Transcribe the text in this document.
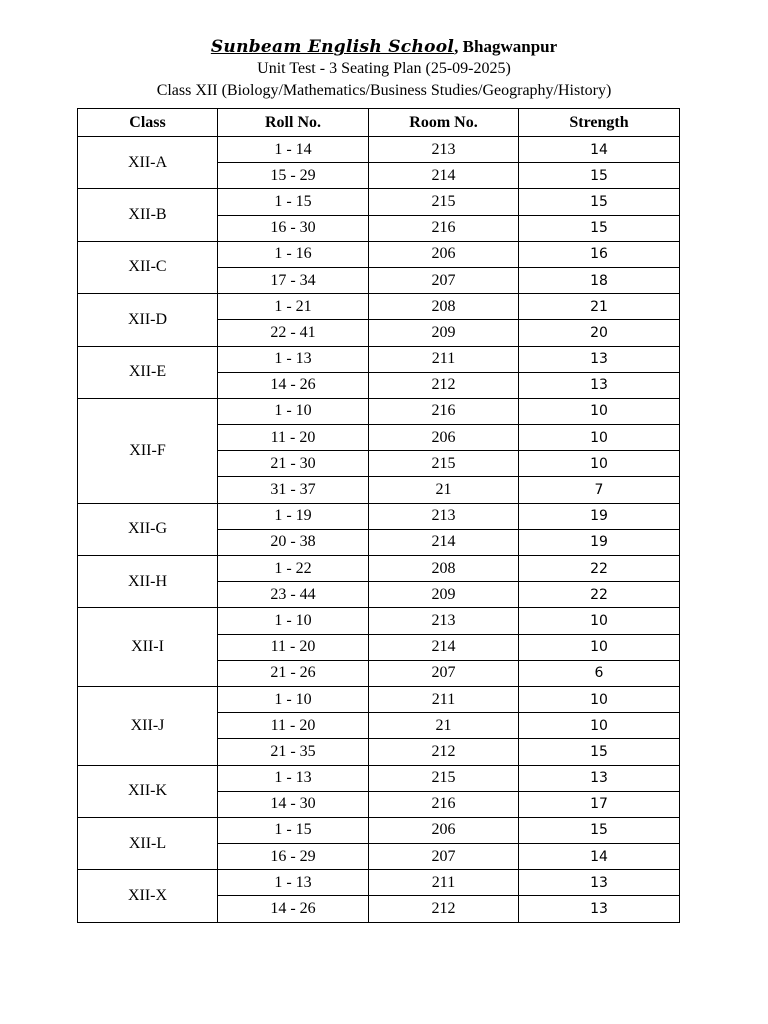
Sunbeam English School, Bhagwanpur
Unit Test - 3 Seating Plan (25-09-2025)
Class XII (Biology/Mathematics/Business Studies/Geography/History)
Class	Roll No.	Room No.	Strength
XII-A	1 - 14	213	14
	15 - 29	214	15
XII-B	1 - 15	215	15
	16 - 30	216	15
XII-C	1 - 16	206	16
	17 - 34	207	18
XII-D	1 - 21	208	21
	22 - 41	209	20
XII-E	1 - 13	211	13
	14 - 26	212	13
XII-F	1 - 10	216	10
	11 - 20	206	10
	21 - 30	215	10
	31 - 37	21	7
XII-G	1 - 19	213	19
	20 - 38	214	19
XII-H	1 - 22	208	22
	23 - 44	209	22
XII-I	1 - 10	213	10
	11 - 20	214	10
	21 - 26	207	6
XII-J	1 - 10	211	10
	11 - 20	21	10
	21 - 35	212	15
XII-K	1 - 13	215	13
	14 - 30	216	17
XII-L	1 - 15	206	15
	16 - 29	207	14
XII-X	1 - 13	211	13
	14 - 26	212	13
